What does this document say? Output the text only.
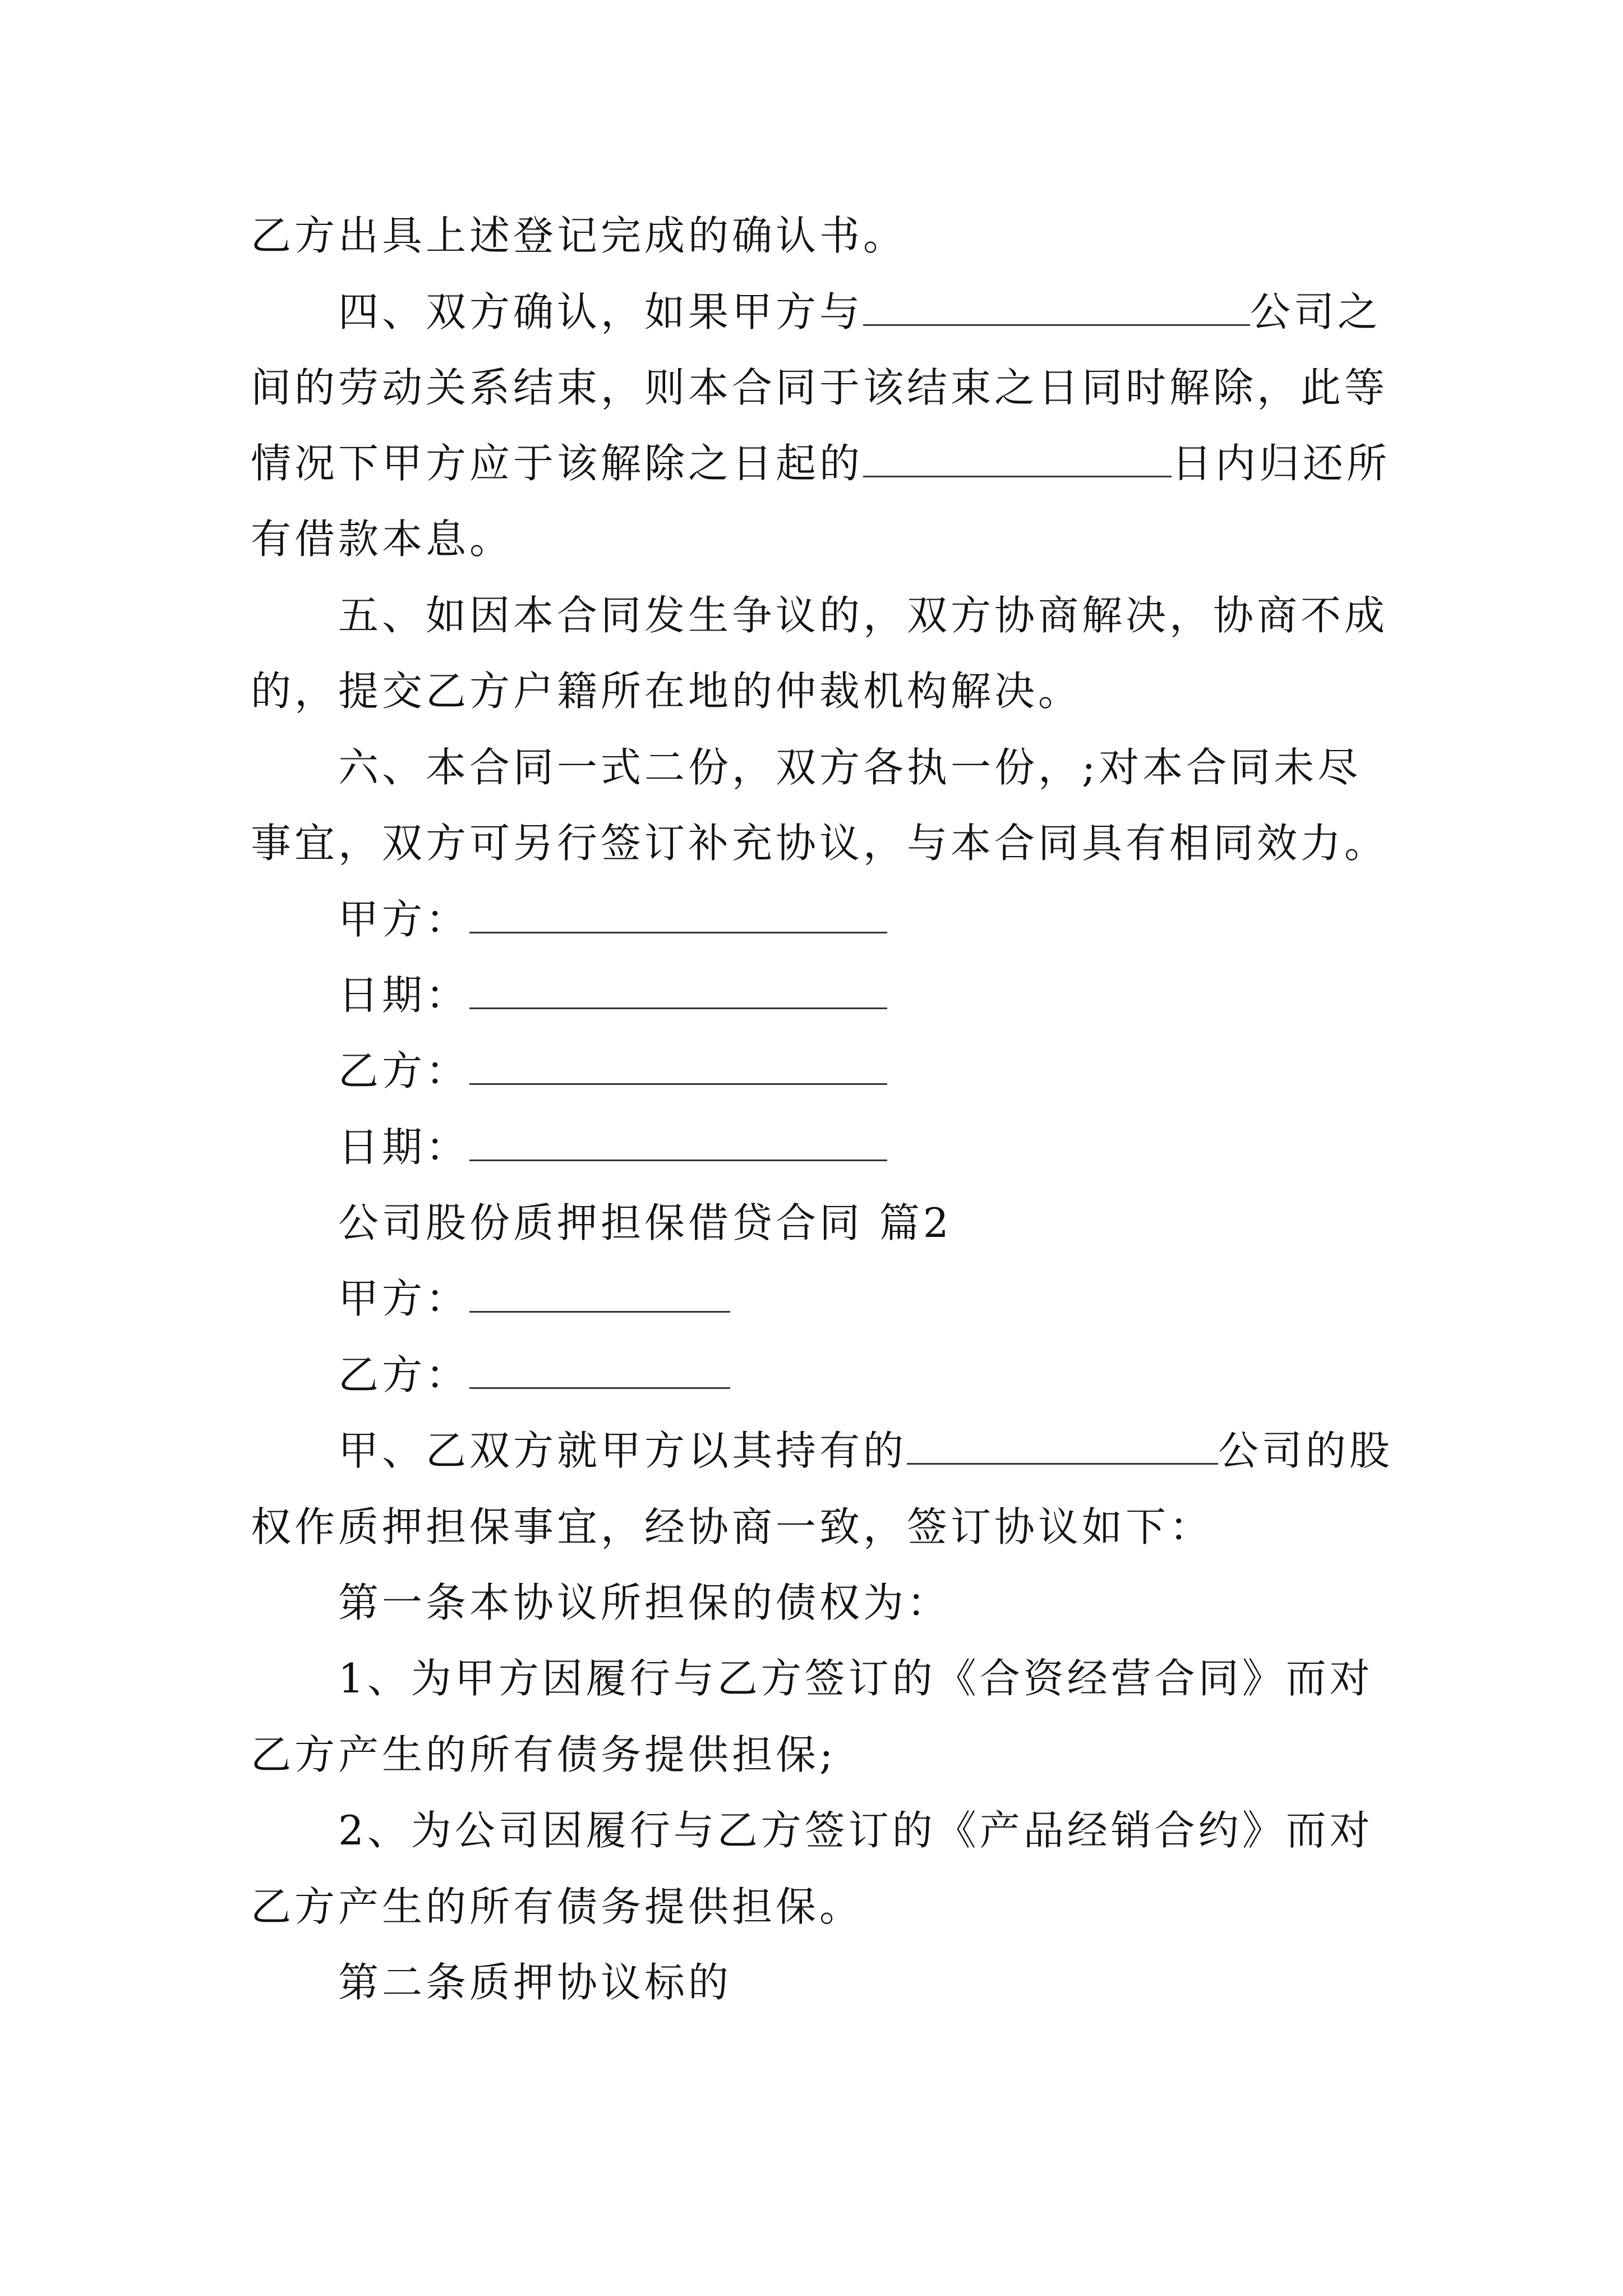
乙方出具上述登记完成的确认书。
四、双方确认，如果甲方与	公司之
间的劳动关系结束，则本合同于该结束之日同时解除，此等
情况下甲方应于该解除之日起的	日内归还所
有借款本息。
五、如因本合同发生争议的，双方协商解决，协商不成
的，提交乙方户籍所在地的仲裁机构解决。
六、本合同一式二份，双方各执一份，;对本合同未尽
事宜，双方可另行签订补充协议，与本合同具有相同效力。
甲方：
日期：
乙方：
日期：
公司股份质押担保借贷合同 篇2
甲方：
乙方：
甲、乙双方就甲方以其持有的	公司的股
权作质押担保事宜，经协商一致，签订协议如下：
第一条本协议所担保的债权为：
1、为甲方因履行与乙方签订的《合资经营合同》而对
乙方产生的所有债务提供担保;
2、为公司因履行与乙方签订的《产品经销合约》而对
乙方产生的所有债务提供担保。
第二条质押协议标的
